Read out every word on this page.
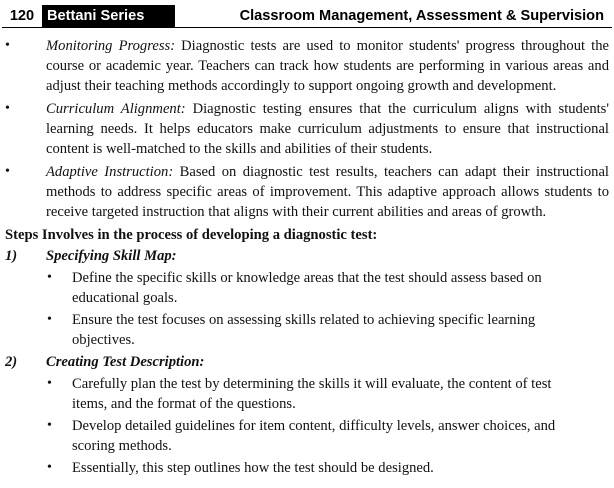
120 Bettani Series	Classroom Management, Assessment & Supervision
• Monitoring Progress: Diagnostic tests are used to monitor students' progress throughout the course or academic year. Teachers can track how students are performing in various areas and adjust their teaching methods accordingly to support ongoing growth and development.
• Curriculum Alignment: Diagnostic testing ensures that the curriculum aligns with students' learning needs. It helps educators make curriculum adjustments to ensure that instructional content is well-matched to the skills and abilities of their students.
• Adaptive Instruction: Based on diagnostic test results, teachers can adapt their instructional methods to address specific areas of improvement. This adaptive approach allows students to receive targeted instruction that aligns with their current abilities and areas of growth.
Steps Involves in the process of developing a diagnostic test:
1) Specifying Skill Map:
• Define the specific skills or knowledge areas that the test should assess based on educational goals.
• Ensure the test focuses on assessing skills related to achieving specific learning objectives.
2) Creating Test Description:
• Carefully plan the test by determining the skills it will evaluate, the content of test items, and the format of the questions.
• Develop detailed guidelines for item content, difficulty levels, answer choices, and scoring methods.
• Essentially, this step outlines how the test should be designed.
